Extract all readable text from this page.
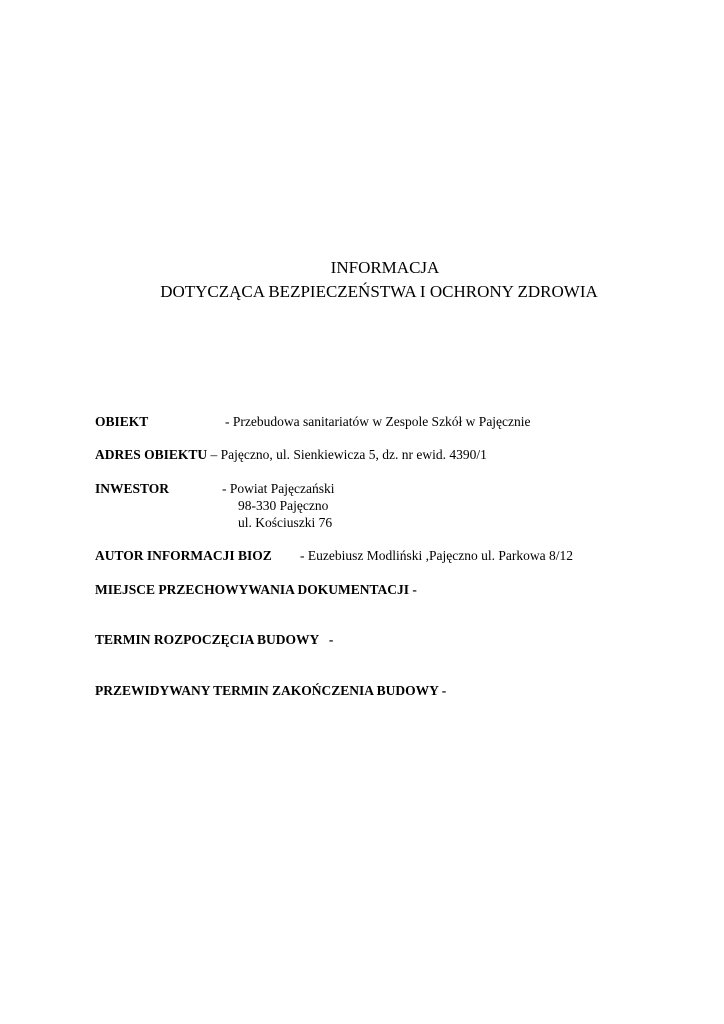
INFORMACJA
DOTYCZĄCA BEZPIECZEŃSTWA I OCHRONY ZDROWIA
OBIEKT	- Przebudowa sanitariatów w Zespole Szkół w Pajęcznie
ADRES OBIEKTU – Pajęczno, ul. Sienkiewicza 5, dz. nr ewid. 4390/1
INWESTOR	- Powiat Pajęczański
98-330 Pajęczno
ul. Kościuszki 76
AUTOR INFORMACJI BIOZ - Euzebiusz Modliński ,Pajęczno ul. Parkowa 8/12
MIEJSCE PRZECHOWYWANIA DOKUMENTACJI -
TERMIN ROZPOCZĘCIA BUDOWY   -
PRZEWIDYWANY TERMIN ZAKOŃCZENIA BUDOWY -
